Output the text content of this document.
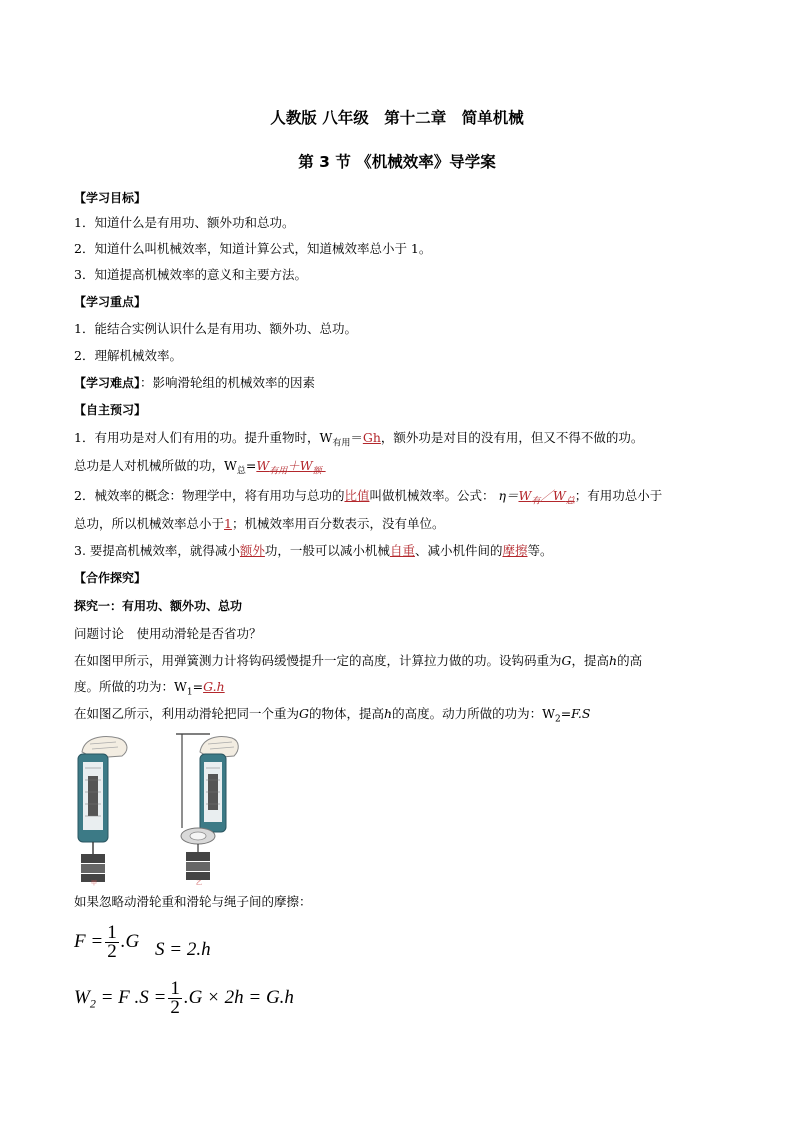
人教版 八年级　第十二章　简单机械
第 3 节 《机械效率》导学案
【学习目标】
1．知道什么是有用功、额外功和总功。
2．知道什么叫机械效率，知道计算公式，知道械效率总小于 1。
3．知道提高机械效率的意义和主要方法。
【学习重点】
1．能结合实例认识什么是有用功、额外功、总功。
2．理解机械效率。
【学习难点】：影响滑轮组的机械效率的因素
【自主预习】
1．有用功是对人们有用的功。提升重物时，$W_{有用}=Gh$，额外功是对目的没有用，但又不得不做的功。
总功是人对机械所做的功，$W_总=W_{有用}+W_额$
2．械效率的概念：物理学中，将有用功与总功的比值叫做机械效率。公式： $\eta=W_有/W_总$；有用功总小于
总功，所以机械效率总小于1；机械效率用百分数表示，没有单位。
3. 要提高机械效率，就得减小额外功，一般可以减小机械自重、减小机件间的摩擦等。
【合作探究】
探究一：有用功、额外功、总功
问题讨论　使用动滑轮是否省功？
在如图甲所示，用弹簧测力计将钩码缓慢提升一定的高度，计算拉力做的功。设钩码重为G，提高h的高
度。所做的功为：$W_1=G.h$
在如图乙所示，利用动滑轮把同一个重为G的物体，提高h的高度。动力所做的功为：$W_2=F.S$
甲	乙
如果忽略动滑轮重和滑轮与绳子间的摩擦：
$F = \frac{1}{2} .G$ S = 2.h
$W_2 = F$ $.S = \frac{1}{2} .G \times 2h = G.h$
